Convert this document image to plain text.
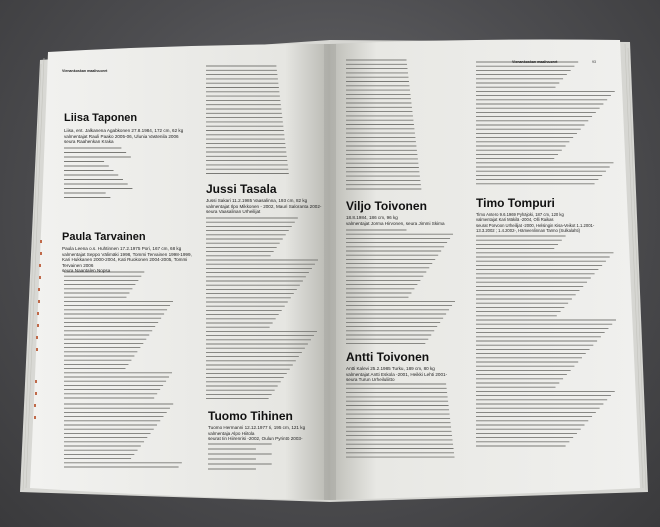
Vienankoskan maalivuoret
Vienankoskan maalivuoret	93
Liisa Taponen
Liisa, ent. Jalkanena Agabkonen 27.8.1984, 172 cm, 62 kg
valmentajat Rauli Paako 2005-06, Ulunia Vastenila 2006
seura Raahenkan Kraka
Paula Tarvainen
Paula Leena o.s. Huhtinnen 17.2.1975 Pori, 167 cm, 68 kg
valmentajat Seppo Välimäki 1998, Tommi Tervainen 1998-1999,
Kari Hukkanen 2000-2004, Kati Ruokonen 2004-2005, Tommi
Tervainen 2006
seura Naantalen Nopsa
Jussi Tasala
Jussi Sakari 11.2.1985 Vaasalinna, 193 cm, 82 kg
valmentajat Ilpo Mikkonen - 2002, Mauri Saloranta 2002-
seura Vaasalinan Urheilijat
Tuomo Tihinen
Tuomo Hermanni 12.12.1977 Ii, 195 cm, 121 kg
valmentaja Alpo Hiitola
seurat Iin Hiirenrisi -2002, Oulun Pyrintö 2003-
Viljo Toivonen
18.8.1984, 186 cm, 96 kg
valmentajat Jorma Hirvonen, seura Jimmi Skima
Antti Toivonen
Antti Kalevi 25.2.1985 Turku, 189 cm, 80 kg
valmentajat Antti Eskola -2001, Heikki Lehti 2001-
seura Turun Urheiluliitto
Timo Tompuri
Timo Antero 9.6.1969 Pyhäjoki, 187 cm, 120 kg
valmentajat Kari Mäkilä -2004, Olli Raikas
seurat Porvoon Urheilijat -2000, Helsingin Kisa-Veikot 1.1.2001-
13.3.2002 ; 1.4.2002-, Hämeenlinnan Tarmo (Sulkalahti)
